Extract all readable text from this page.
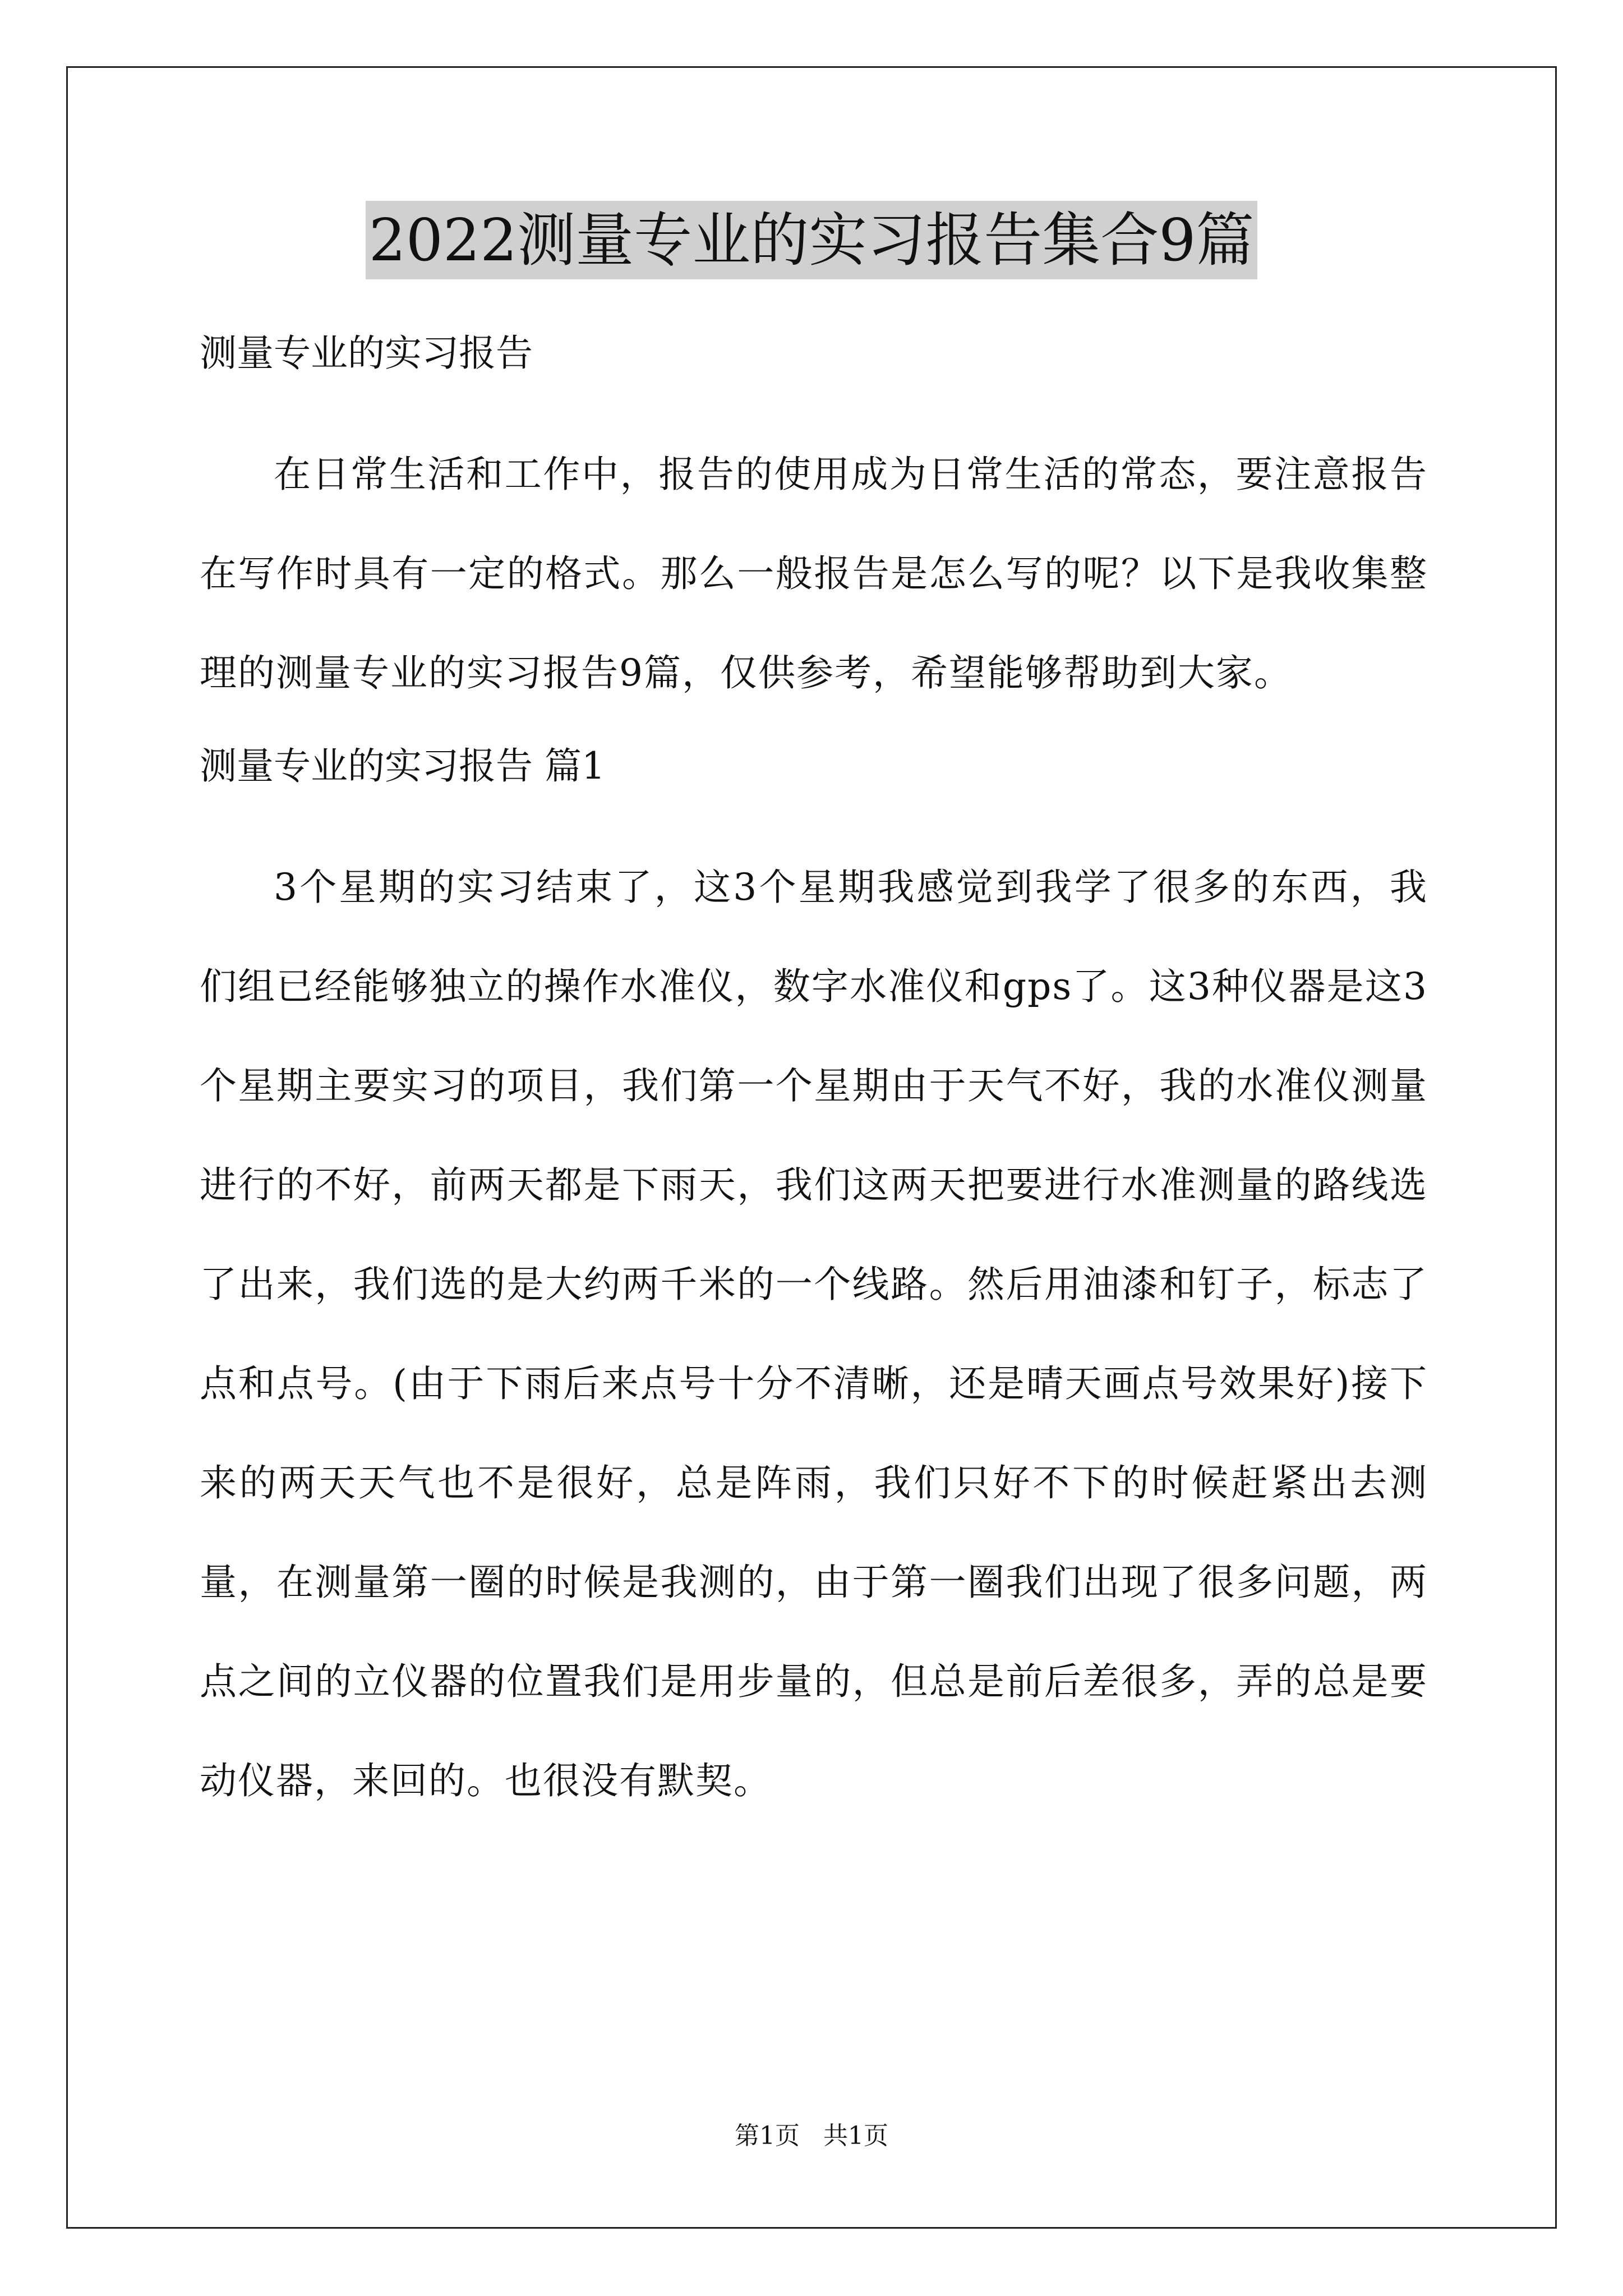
2022测量专业的实习报告集合9篇
测量专业的实习报告

在日常生活和工作中，报告的使用成为日常生活的常态，要注意报告在写作时具有一定的格式。那么一般报告是怎么写的呢？以下是我收集整理的测量专业的实习报告9篇，仅供参考，希望能够帮助到大家。

测量专业的实习报告 篇1

3个星期的实习结束了，这3个星期我感觉到我学了很多的东西，我们组已经能够独立的操作水准仪，数字水准仪和gps了。这3种仪器是这3个星期主要实习的项目，我们第一个星期由于天气不好，我的水准仪测量进行的不好，前两天都是下雨天，我们这两天把要进行水准测量的路线选了出来，我们选的是大约两千米的一个线路。然后用油漆和钉子，标志了点和点号。(由于下雨后来点号十分不清晰，还是晴天画点号效果好)接下来的两天天气也不是很好，总是阵雨，我们只好不下的时候赶紧出去测量，在测量第一圈的时候是我测的，由于第一圈我们出现了很多问题，两点之间的立仪器的位置我们是用步量的，但总是前后差很多，弄的总是要动仪器，来回的。也很没有默契。

第1页   共1页
